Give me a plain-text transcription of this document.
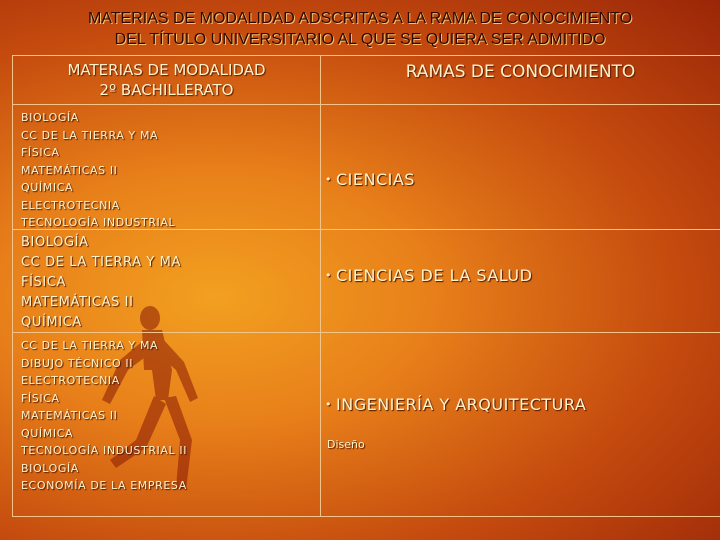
MATERIAS DE MODALIDAD ADSCRITAS A LA RAMA DE CONOCIMIENTO
DEL TÍTULO UNIVERSITARIO AL QUE SE QUIERA SER ADMITIDO
MATERIAS DE MODALIDAD
2º BACHILLERATO
RAMAS DE CONOCIMIENTO
BIOLOGÍA
CC DE LA TIERRA Y MA
FÍSICA
MATEMÁTICAS II
QUÍMICA
ELECTROTECNIA
TECNOLOGÍA INDUSTRIAL
• CIENCIAS
BIOLOGÍA
CC DE LA TIERRA Y MA
FÍSICA
MATEMÁTICAS II
QUÍMICA
• CIENCIAS DE LA SALUD
CC DE LA TIERRA Y MA
DIBUJO TÉCNICO II
ELECTROTECNIA
FÍSICA
MATEMÁTICAS II
QUÍMICA
TECNOLOGÍA INDUSTRIAL II
BIOLOGÍA
ECONOMÍA DE LA EMPRESA
• INGENIERÍA Y ARQUITECTURA
Diseño
